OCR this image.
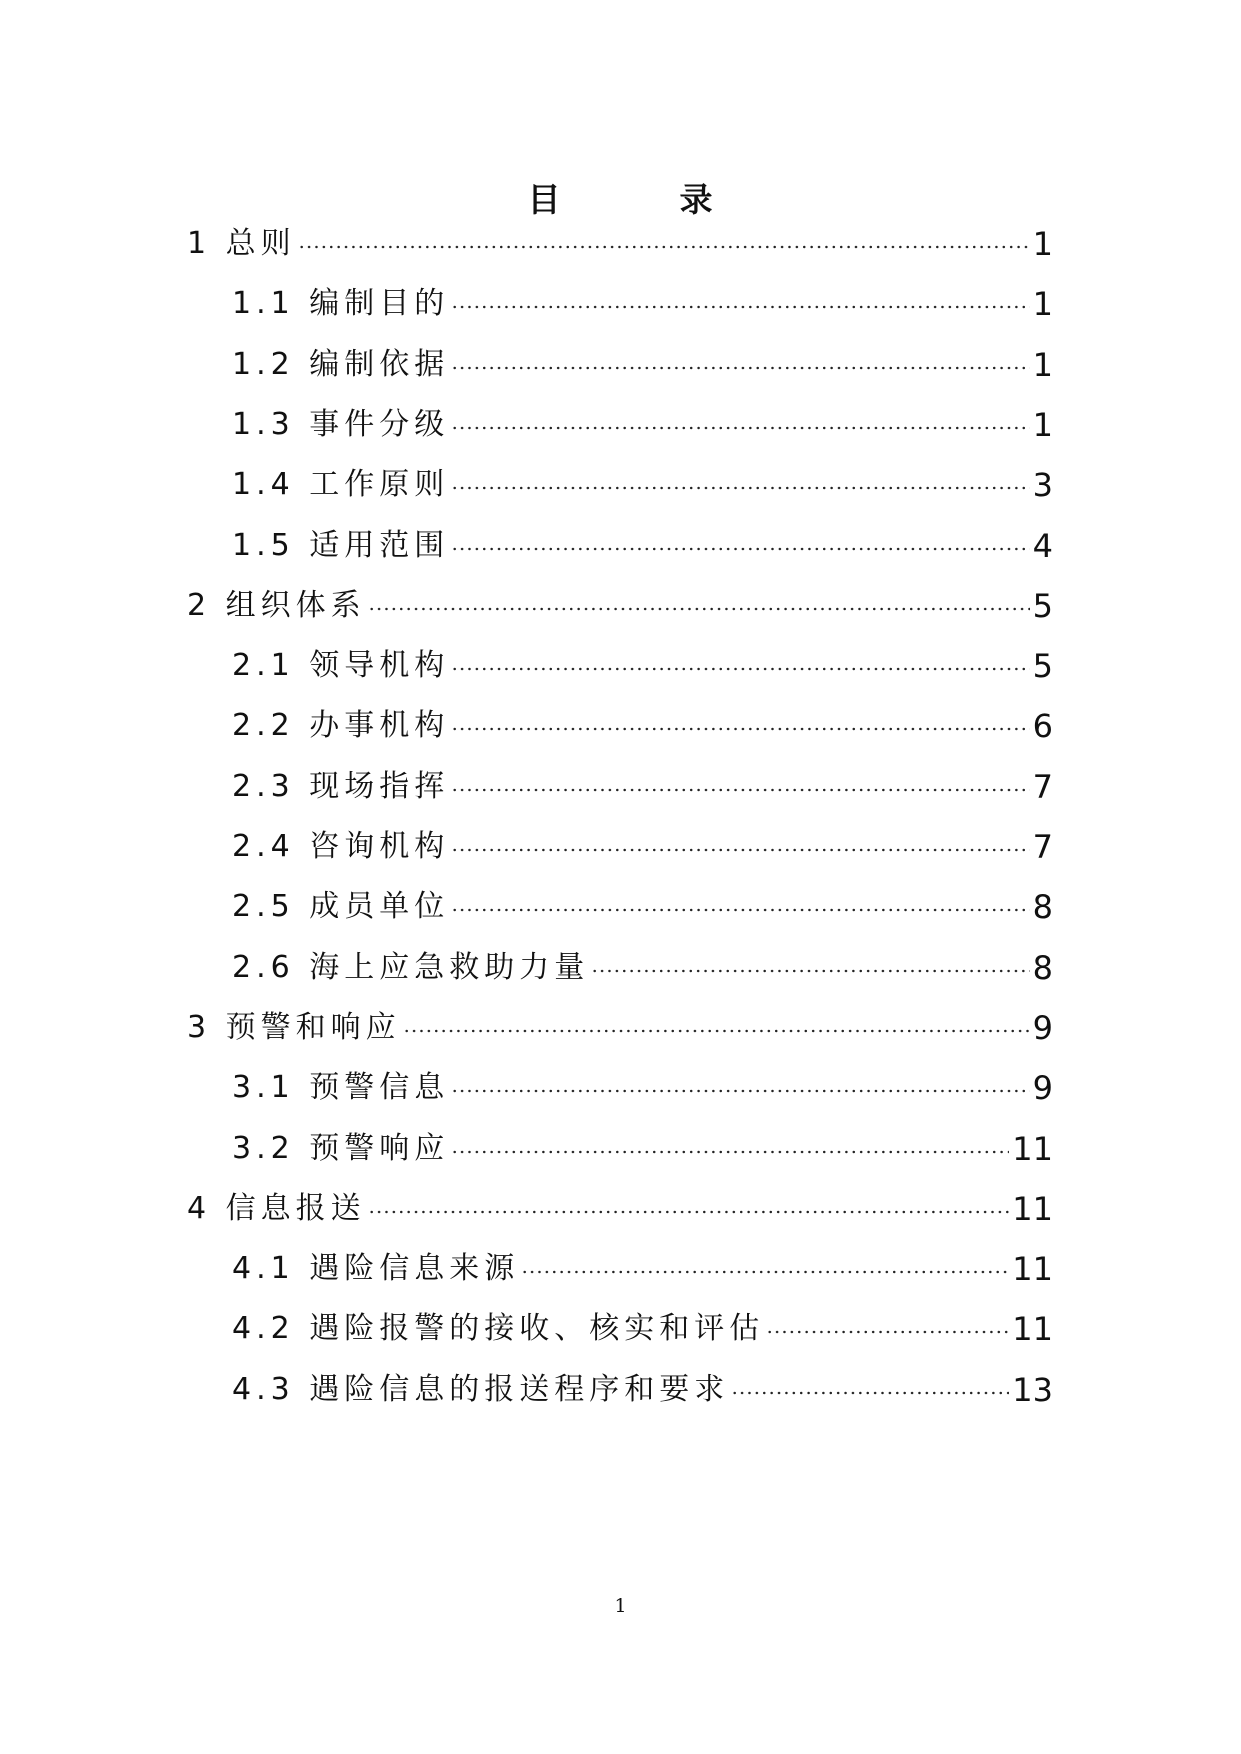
目	录
1 总则	1
1.1 编制目的	1
1.2 编制依据	1
1.3 事件分级	1
1.4 工作原则	3
1.5 适用范围	4
2 组织体系	5
2.1 领导机构	5
2.2 办事机构	6
2.3 现场指挥	7
2.4 咨询机构	7
2.5 成员单位	8
2.6 海上应急救助力量	8
3 预警和响应	9
3.1 预警信息	9
3.2 预警响应	11
4 信息报送	11
4.1 遇险信息来源	11
4.2 遇险报警的接收、核实和评估	11
4.3 遇险信息的报送程序和要求	13
1
